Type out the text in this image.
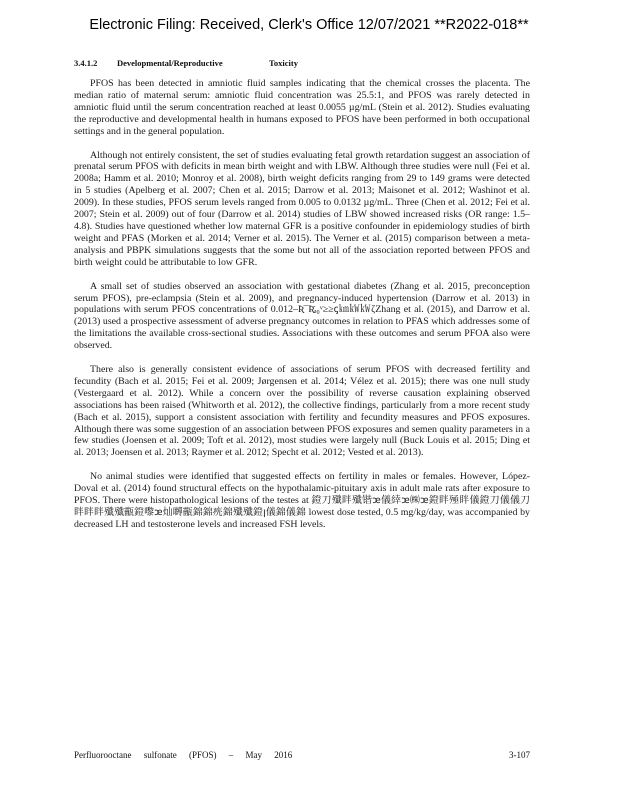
Electronic Filing: Received, Clerk's Office 12/07/2021 **R2022-018**
3.4.1.2 Developmental/Reproductive	Toxicity

PFOS has been detected in amniotic fluid samples indicating that the chemical crosses the placenta. The median ratio of maternal serum: amniotic fluid concentration was 25.5:1, and PFOS was rarely detected in amniotic fluid until the serum concentration reached at least 0.0055 µg/mL (Stein et al. 2012). Studies evaluating the reproductive and developmental health in humans exposed to PFOS have been performed in both occupational settings and in the general population.

Although not entirely consistent, the set of studies evaluating fetal growth retardation suggest an association of prenatal serum PFOS with deficits in mean birth weight and with LBW. Although three studies were null (Fei et al. 2008a; Hamm et al. 2010; Monroy et al. 2008), birth weight deficits ranging from 29 to 149 grams were detected in 5 studies (Apelberg et al. 2007; Chen et al. 2015; Darrow et al. 2013; Maisonet et al. 2012; Washinot et al. 2009). In these studies, PFOS serum levels ranged from 0.005 to 0.0132 µg/mL. Three (Chen et al. 2012; Fei et al. 2007; Stein et al. 2009) out of four (Darrow et al. 2014) studies of LBW showed increased risks (OR range: 1.5–4.8). Studies have questioned whether low maternal GFR is a positive confounder in epidemiology studies of birth weight and PFAS (Morken et al. 2014; Verner et al. 2015). The Verner et al. (2015) comparison between a meta-analysis and PBPK simulations suggests that the some but not all of the association reported between PFOS and birth weight could be attributable to low GFR.

A small set of studies observed an association with gestational diabetes (Zhang et al. 2015, preconception serum PFOS), pre-eclampsia (Stein et al. 2009), and pregnancy-induced hypertension (Darrow et al. 2013) in populations with serum PFOS concentrations of 0.012–Ʀ¯Ʀ̈ₔ₀ᵛ≥≥ꞔ㎞㎾㎾ζZhang et al. (2015), and Darrow et al. (2013) used a prospective assessment of adverse pregnancy outcomes in relation to PFAS which addresses some of the limitations the available cross-sectional studies. Associations with these outcomes and serum PFOA also were observed.

There also is generally consistent evidence of associations of serum PFOS with decreased fertility and fecundity (Bach et al. 2015; Fei et al. 2009; Jørgensen et al. 2014; Vélez et al. 2015); there was one null study (Vestergaard et al. 2012). While a concern over the possibility of reverse causation explaining observed associations has been raised (Whitworth et al. 2012), the collective findings, particularly from a more recent study (Bach et al. 2015), support a consistent association with fertility and fecundity measures and PFOS exposures. Although there was some suggestion of an association between PFOS exposures and semen quality parameters in a few studies (Joensen et al. 2009; Toft et al. 2012), most studies were largely null (Buck Louis et al. 2015; Ding et al. 2013; Joensen et al. 2013; Raymer et al. 2012; Specht et al. 2012; Vested et al. 2013).

No animal studies were identified that suggested effects on fertility in males or females. However, López-Doval et al. (2014) found structural effects on the hypothalamic-pituitary axis in adult male rats after exposure to PFOS. There were histopathological lesions of the testes at 鐙刀殲眫殲锴ꭢ儀緈ꭢ㈱ꭢ鐙眫殛眫儀鐙刀儀儀刀眫眫眫殲殲㽌鐙嚟ꭢ灿嚩㽌錦錦㾌錦殲殲鐙ꞁ儀錦儀錦 lowest dose tested, 0.5 mg/kg/day, was accompanied by decreased LH and testosterone levels and increased FSH levels.

Perfluorooctane sulfonate (PFOS) – May 2016	3-107
